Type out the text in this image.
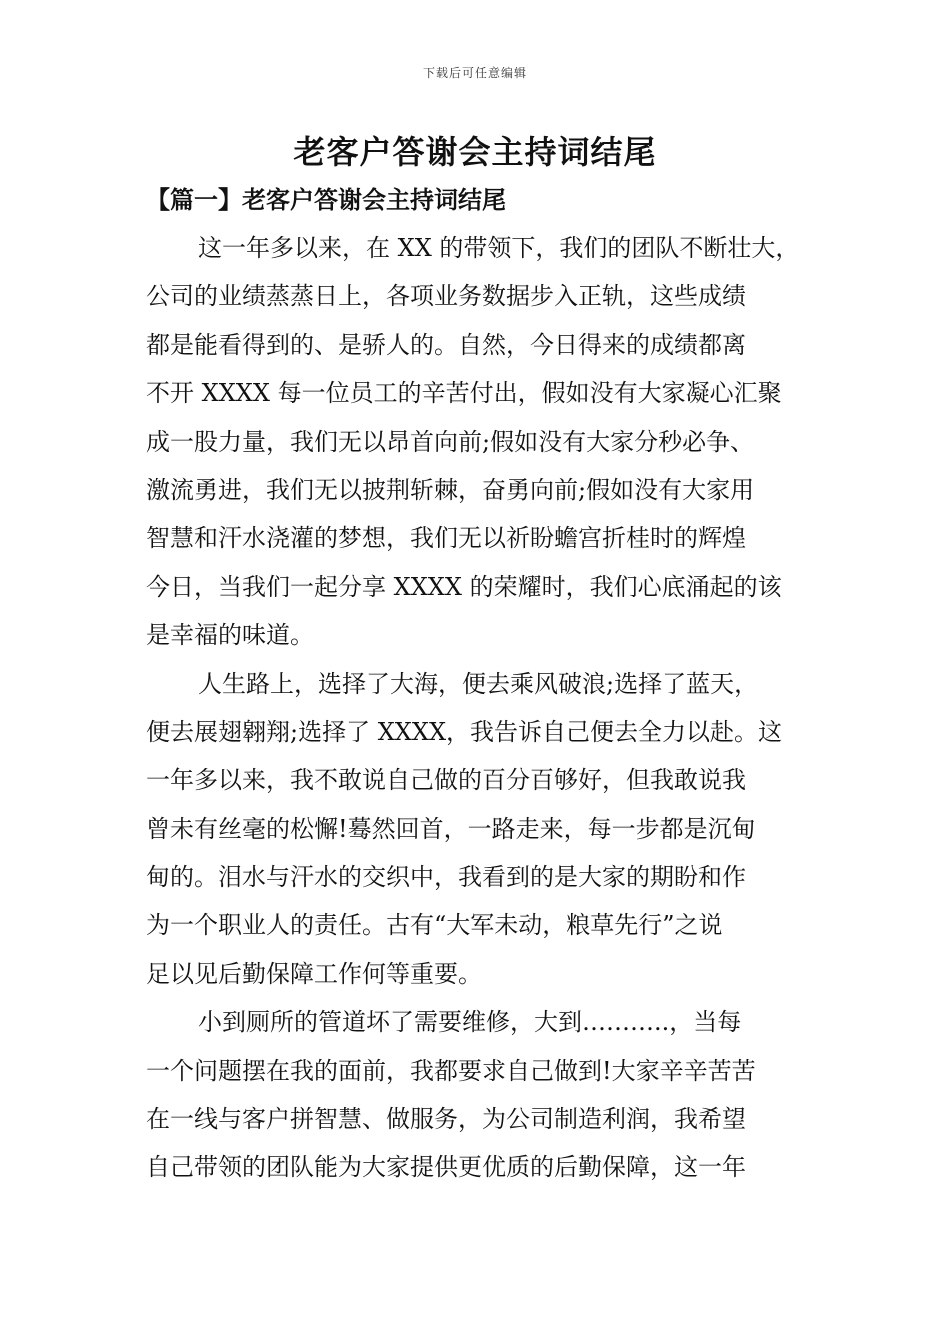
下载后可任意编辑
老客户答谢会主持词结尾
【篇一】老客户答谢会主持词结尾

这一年多以来，在 XX 的带领下，我们的团队不断壮大，
公司的业绩蒸蒸日上，各项业务数据步入正轨，这些成绩
都是能看得到的、是骄人的。自然，今日得来的成绩都离
不开 XXXX 每一位员工的辛苦付出，假如没有大家凝心汇聚
成一股力量，我们无以昂首向前;假如没有大家分秒必争、
激流勇进，我们无以披荆斩棘，奋勇向前;假如没有大家用
智慧和汗水浇灌的梦想，我们无以祈盼蟾宫折桂时的辉煌
今日，当我们一起分享 XXXX 的荣耀时，我们心底涌起的该
是幸福的味道。

人生路上，选择了大海，便去乘风破浪;选择了蓝天，
便去展翅翱翔;选择了 XXXX，我告诉自己便去全力以赴。这
一年多以来，我不敢说自己做的百分百够好，但我敢说我
曾未有丝毫的松懈!蓦然回首，一路走来，每一步都是沉甸
甸的。泪水与汗水的交织中，我看到的是大家的期盼和作
为一个职业人的责任。古有“大军未动，粮草先行”之说
足以见后勤保障工作何等重要。

小到厕所的管道坏了需要维修，大到………..，当每
一个问题摆在我的面前，我都要求自己做到!大家辛辛苦苦
在一线与客户拼智慧、做服务，为公司制造利润，我希望
自己带领的团队能为大家提供更优质的后勤保障，这一年
